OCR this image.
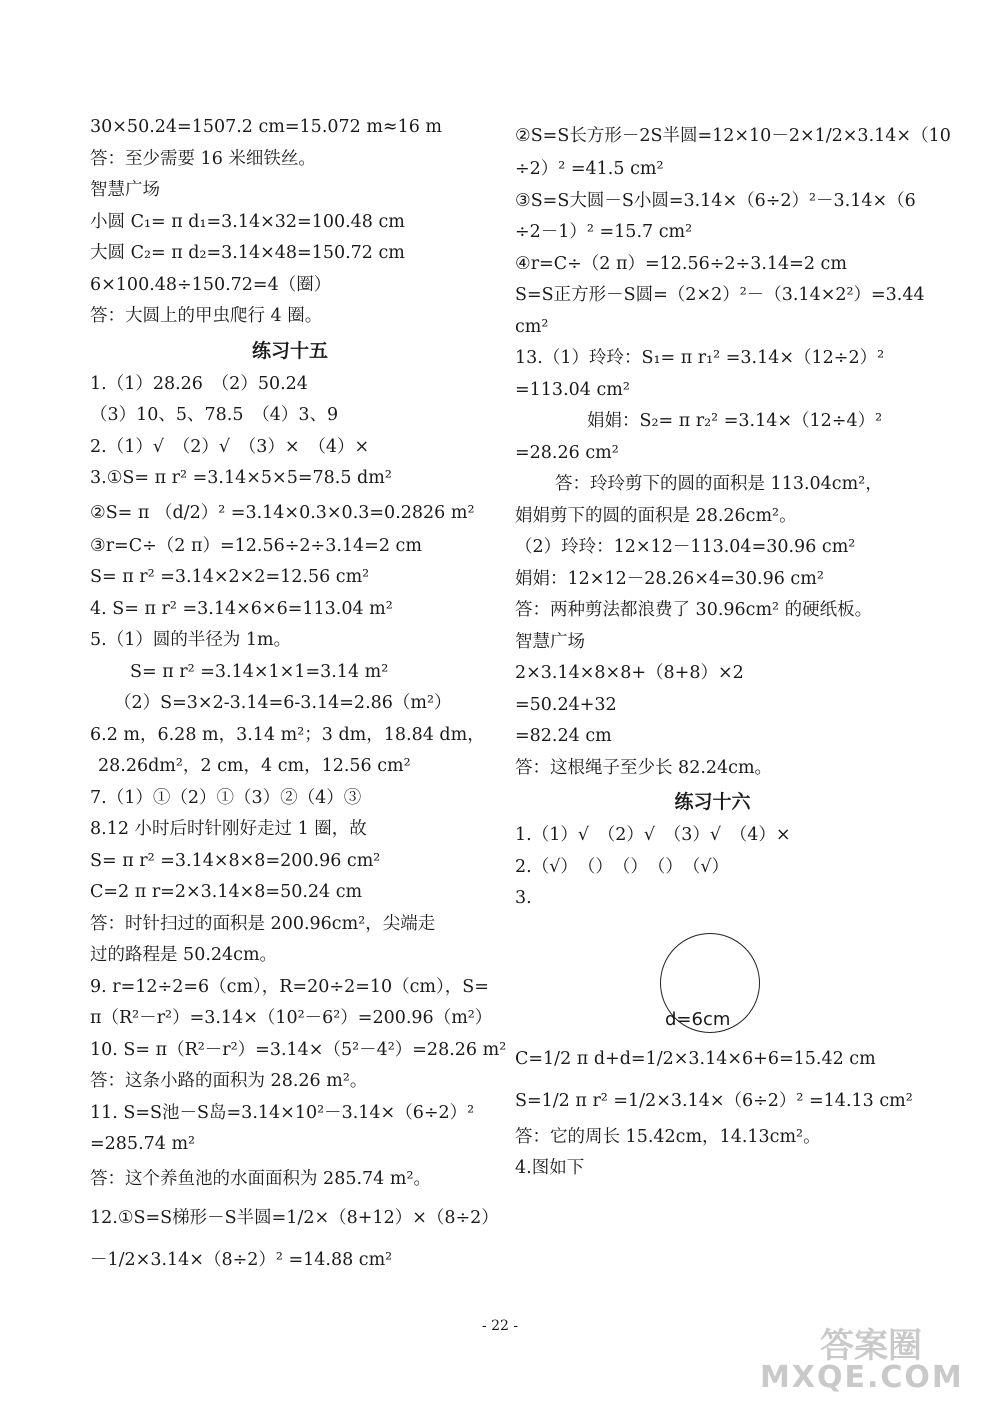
30×50.24=1507.2 cm=15.072 m≈16 m
答：至少需要 16 米细铁丝。
智慧广场
小圆 C₁= π d₁=3.14×32=100.48 cm
大圆 C₂= π d₂=3.14×48=150.72 cm
6×100.48÷150.72=4（圈）
答：大圆上的甲虫爬行 4 圈。
练习十五
1.（1）28.26　（2）50.24
（3）10、5、78.5　（4）3、9
2.（1）√　（2）√　（3）×　（4）×
3.①S= π r² =3.14×5×5=78.5 dm²
②S= π （d/2）² =3.14×0.3×0.3=0.2826 m²
③r=C÷（2 π）=12.56÷2÷3.14=2 cm
S= π r² =3.14×2×2=12.56 cm²
4. S= π r² =3.14×6×6=113.04 m²
5.（1）圆的半径为 1m。
S= π r² =3.14×1×1=3.14 m²
（2）S=3×2-3.14=6-3.14=2.86（m²）
6.2 m，6.28 m，3.14 m²；3 dm，18.84 dm，
28.26dm²，2 cm，4 cm，12.56 cm²
7.（1）①（2）①（3）②（4）③
8.12 小时后时针刚好走过 1 圈，故
S= π r² =3.14×8×8=200.96 cm²
C=2 π r=2×3.14×8=50.24 cm
答：时针扫过的面积是 200.96cm²，尖端走
过的路程是 50.24cm。
9. r=12÷2=6（cm），R=20÷2=10（cm），S=
π（R²－r²）=3.14×（10²－6²）=200.96（m²）
10. S= π（R²－r²）=3.14×（5²－4²）=28.26 m²
答：这条小路的面积为 28.26 m²。
11. S=S池－S岛=3.14×10²－3.14×（6÷2）²
=285.74 m²
答：这个养鱼池的水面面积为 285.74 m²。
12.①S=S梯形－S半圆=1/2×（8+12）×（8÷2）
－1/2×3.14×（8÷2）² =14.88 cm²
②S=S长方形－2S半圆=12×10－2×1/2×3.14×（10
÷2）² =41.5 cm²
③S=S大圆－S小圆=3.14×（6÷2）²－3.14×（6
÷2－1）² =15.7 cm²
④r=C÷（2 π）=12.56÷2÷3.14=2 cm
S=S正方形－S圆=（2×2）²－（3.14×2²）=3.44
cm²
13.（1）玲玲：S₁= π r₁² =3.14×（12÷2）²
=113.04 cm²
娟娟：S₂= π r₂² =3.14×（12÷4）²
=28.26 cm²
答：玲玲剪下的圆的面积是 113.04cm²，
娟娟剪下的圆的面积是 28.26cm²。
（2）玲玲：12×12－113.04=30.96 cm²
娟娟：12×12－28.26×4=30.96 cm²
答：两种剪法都浪费了 30.96cm² 的硬纸板。
智慧广场
2×3.14×8×8+（8+8）×2
=50.24+32
=82.24 cm
答：这根绳子至少长 82.24cm。
练习十六
1.（1）√　（2）√　（3）√　（4）×
2.（√）　（）　（）　（）　（√）
3.
d=6cm
C=1/2 π d+d=1/2×3.14×6+6=15.42 cm
S=1/2 π r² =1/2×3.14×（6÷2）² =14.13 cm²
答：它的周长 15.42cm，14.13cm²。
4.图如下
- 22 -	答案圈
MXQE.COM
